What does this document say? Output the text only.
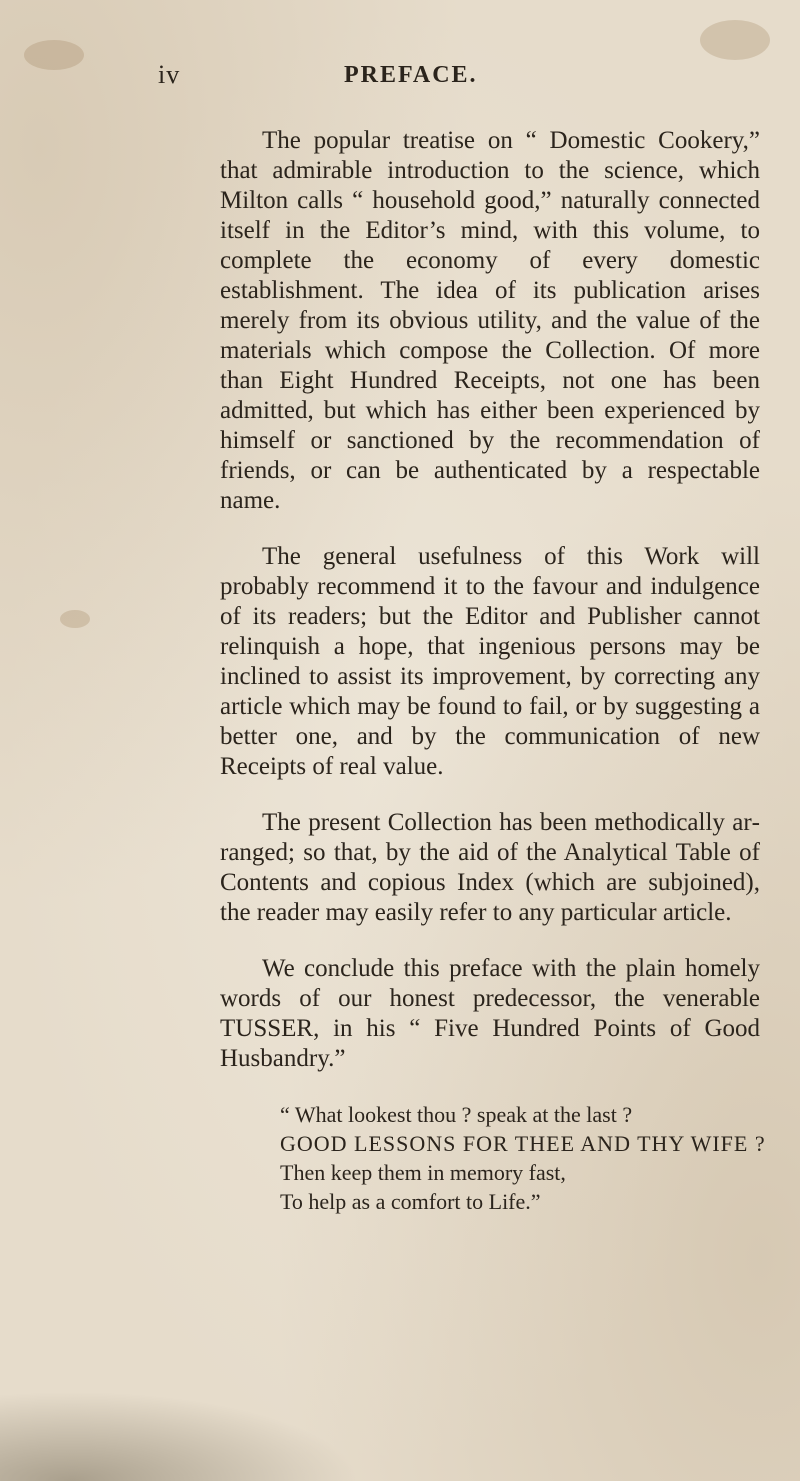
iv	PREFACE.

The popular treatise on “ Domestic Cookery,” that admirable introduction to the science, which Milton calls “ household good,” naturally connected itself in the Editor’s mind, with this volume, to complete the economy of every domestic establishment. The idea of its publication arises merely from its obvious utility, and the value of the materials which compose the Collection. Of more than Eight Hundred Receipts, not one has been admitted, but which has either been experienced by himself or sanctioned by the recommendation of friends, or can be authenticated by a respectable name.

The general usefulness of this Work will probably recommend it to the favour and indulgence of its readers; but the Editor and Publisher cannot relinquish a hope, that ingenious persons may be inclined to assist its improvement, by correcting any article which may be found to fail, or by suggesting a better one, and by the communication of new Receipts of real value.

The present Collection has been methodically arranged; so that, by the aid of the Analytical Table of Contents and copious Index (which are subjoined), the reader may easily refer to any particular article.

We conclude this preface with the plain homely words of our honest predecessor, the venerable TUSSER, in his “ Five Hundred Points of Good Husbandry.”

“ What lookest thou ? speak at the last ?
GOOD LESSONS FOR THEE AND THY WIFE ?
Then keep them in memory fast,
To help as a comfort to Life.”
